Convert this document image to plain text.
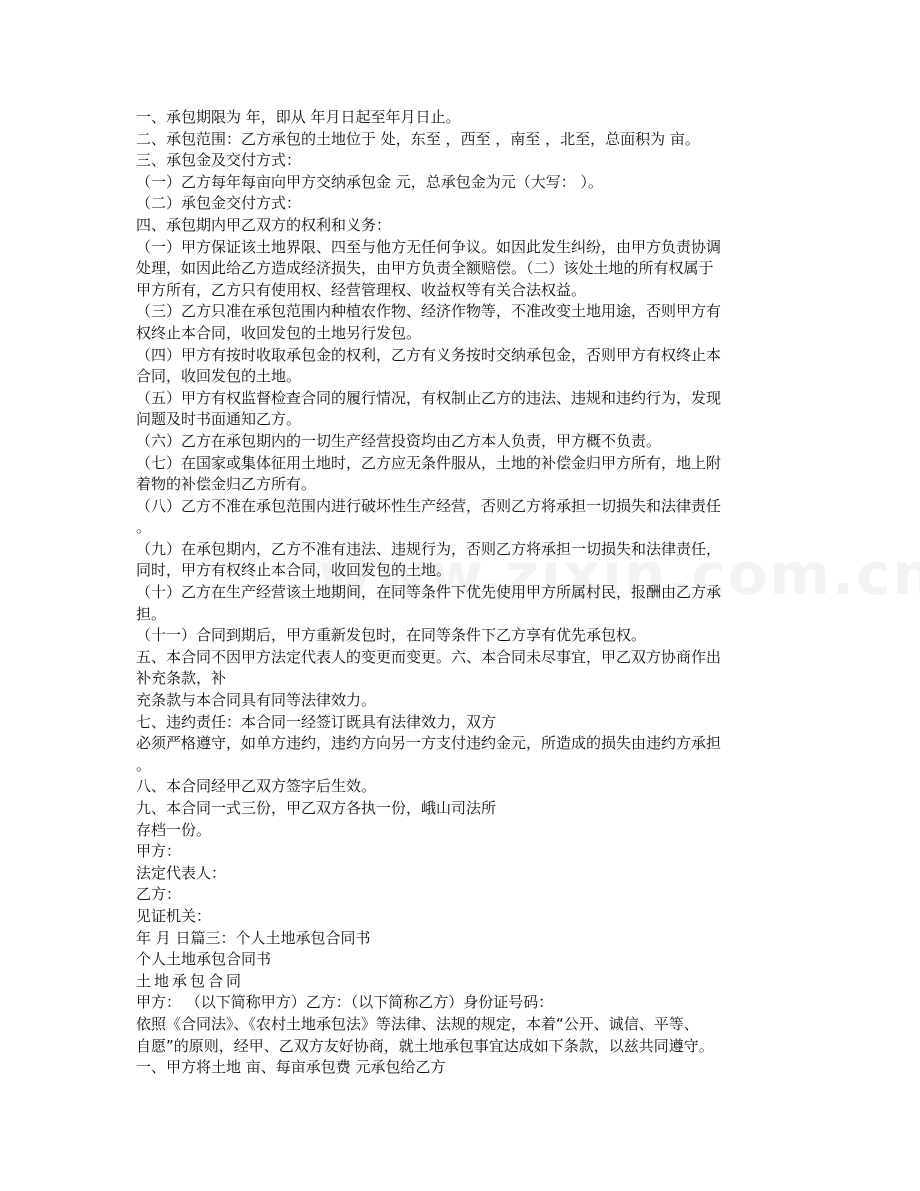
一、承包期限为 年，即从 年月日起至年月日止。
二、承包范围：乙方承包的土地位于 处，东至 ，西至 ，南至 ，北至，总面积为 亩。
三、承包金及交付方式：
（一）乙方每年每亩向甲方交纳承包金 元，总承包金为元（大写： ）。
（二）承包金交付方式：
四、承包期内甲乙双方的权利和义务：
（一）甲方保证该土地界限、四至与他方无任何争议。如因此发生纠纷，由甲方负责协调
处理，如因此给乙方造成经济损失，由甲方负责全额赔偿。（二）该处土地的所有权属于
甲方所有，乙方只有使用权、经营管理权、收益权等有关合法权益。
（三）乙方只准在承包范围内种植农作物、经济作物等，不准改变土地用途，否则甲方有
权终止本合同，收回发包的土地另行发包。
（四）甲方有按时收取承包金的权利，乙方有义务按时交纳承包金，否则甲方有权终止本
合同，收回发包的土地。
（五）甲方有权监督检查合同的履行情况，有权制止乙方的违法、违规和违约行为，发现
问题及时书面通知乙方。
（六）乙方在承包期内的一切生产经营投资均由乙方本人负责，甲方概不负责。
（七）在国家或集体征用土地时，乙方应无条件服从，土地的补偿金归甲方所有，地上附
着物的补偿金归乙方所有。
（八）乙方不准在承包范围内进行破坏性生产经营，否则乙方将承担一切损失和法律责任
。
（九）在承包期内，乙方不准有违法、违规行为，否则乙方将承担一切损失和法律责任，
同时，甲方有权终止本合同，收回发包的土地。
（十）乙方在生产经营该土地期间，在同等条件下优先使用甲方所属村民，报酬由乙方承
担。
（十一）合同到期后，甲方重新发包时，在同等条件下乙方享有优先承包权。
五、本合同不因甲方法定代表人的变更而变更。六、本合同未尽事宜，甲乙双方协商作出
补充条款，补
充条款与本合同具有同等法律效力。
七、违约责任：本合同一经签订既具有法律效力，双方
必须严格遵守，如单方违约，违约方向另一方支付违约金元，所造成的损失由违约方承担
。
八、本合同经甲乙双方签字后生效。
九、本合同一式三份，甲乙双方各执一份，峨山司法所
存档一份。
甲方：
法定代表人：
乙方：
见证机关：
年 月 日篇三：个人土地承包合同书
个人土地承包合同书
土地承包合同
甲方： （以下简称甲方）乙方：（以下简称乙方）身份证号码：
依照《合同法》、《农村土地承包法》等法律、法规的规定，本着“公开、诚信、平等、
自愿”的原则，经甲、乙双方友好协商，就土地承包事宜达成如下条款，以兹共同遵守。
一、甲方将土地 亩、每亩承包费 元承包给乙方
